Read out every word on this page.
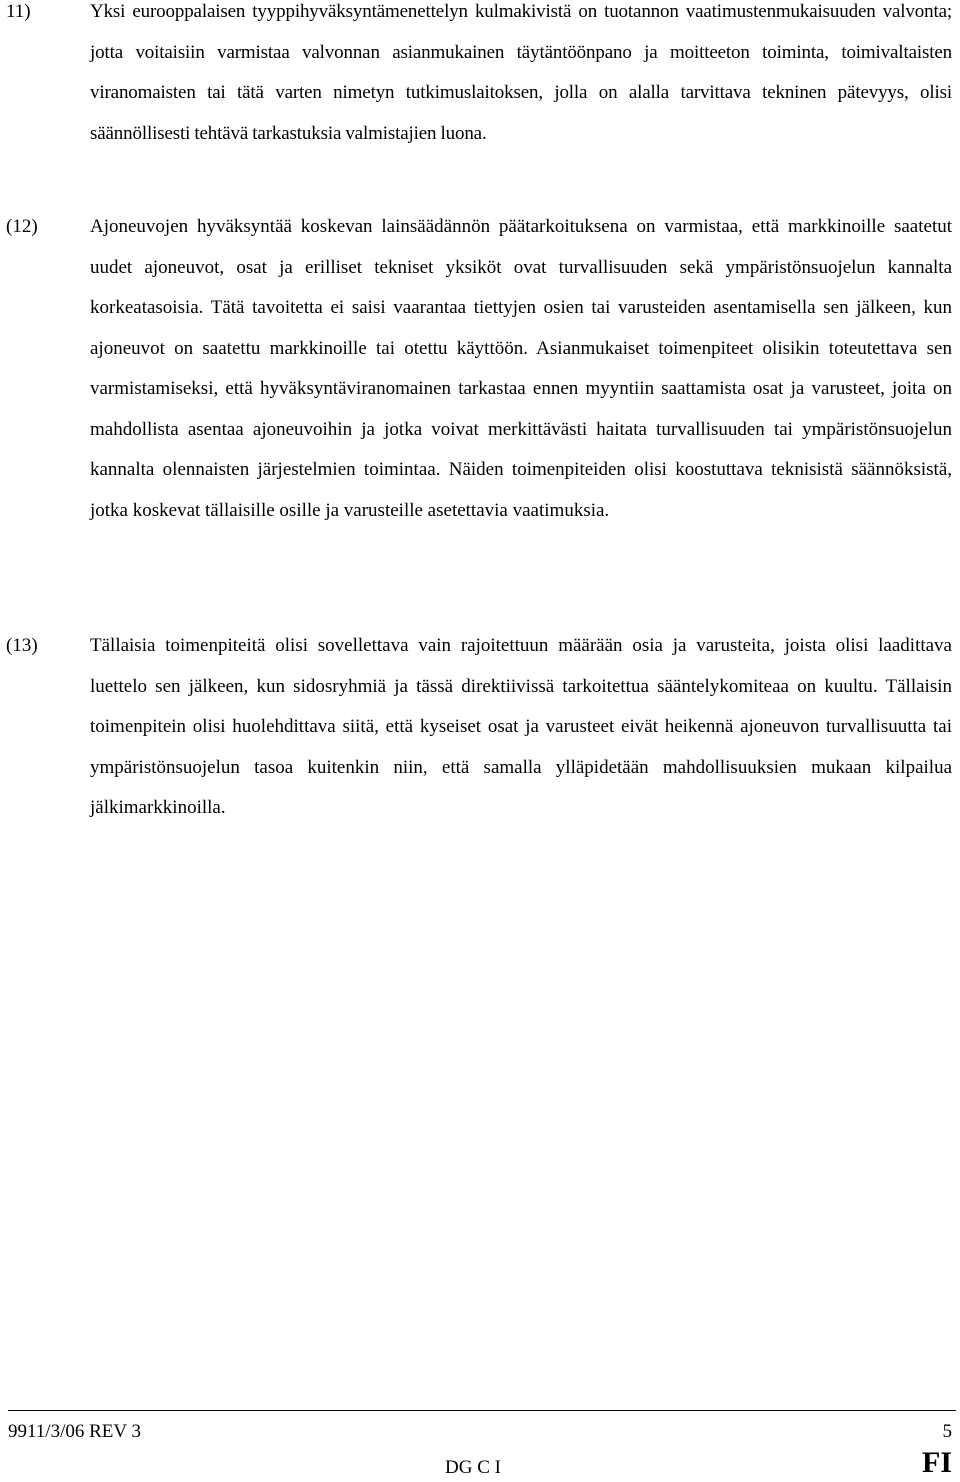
11)	Yksi eurooppalaisen tyyppihyväksyntämenettelyn kulmakivistä on tuotannon vaatimustenmukaisuuden valvonta; jotta voitaisiin varmistaa valvonnan asianmukainen täytäntöönpano ja moitteeton toiminta, toimivaltaisten viranomaisten tai tätä varten nimetyn tutkimuslaitoksen, jolla on alalla tarvittava tekninen pätevyys, olisi säännöllisesti tehtävä tarkastuksia valmistajien luona.
(12)	Ajoneuvojen hyväksyntää koskevan lainsäädännön päätarkoituksena on varmistaa, että markkinoille saatetut uudet ajoneuvot, osat ja erilliset tekniset yksiköt ovat turvallisuuden sekä ympäristönsuojelun kannalta korkeatasoisia. Tätä tavoitetta ei saisi vaarantaa tiettyjen osien tai varusteiden asentamisella sen jälkeen, kun ajoneuvot on saatettu markkinoille tai otettu käyttöön. Asianmukaiset toimenpiteet olisikin toteutettava sen varmistamiseksi, että hyväksyntäviranomainen tarkastaa ennen myyntiin saattamista osat ja varusteet, joita on mahdollista asentaa ajoneuvoihin ja jotka voivat merkittävästi haitata turvallisuuden tai ympäristönsuojelun kannalta olennaisten järjestelmien toimintaa. Näiden toimenpiteiden olisi koostuttava teknisistä säännöksistä, jotka koskevat tällaisille osille ja varusteille asetettavia vaatimuksia.
(13)	Tällaisia toimenpiteitä olisi sovellettava vain rajoitettuun määrään osia ja varusteita, joista olisi laadittava luettelo sen jälkeen, kun sidosryhmiä ja tässä direktiivissä tarkoitettua sääntelykomiteaa on kuultu. Tällaisin toimenpitein olisi huolehdittava siitä, että kyseiset osat ja varusteet eivät heikennä ajoneuvon turvallisuutta tai ympäristönsuojelun tasoa kuitenkin niin, että samalla ylläpidetään mahdollisuuksien mukaan kilpailua jälkimarkkinoilla.
9911/3/06 REV 3	5
DG C I	FI
